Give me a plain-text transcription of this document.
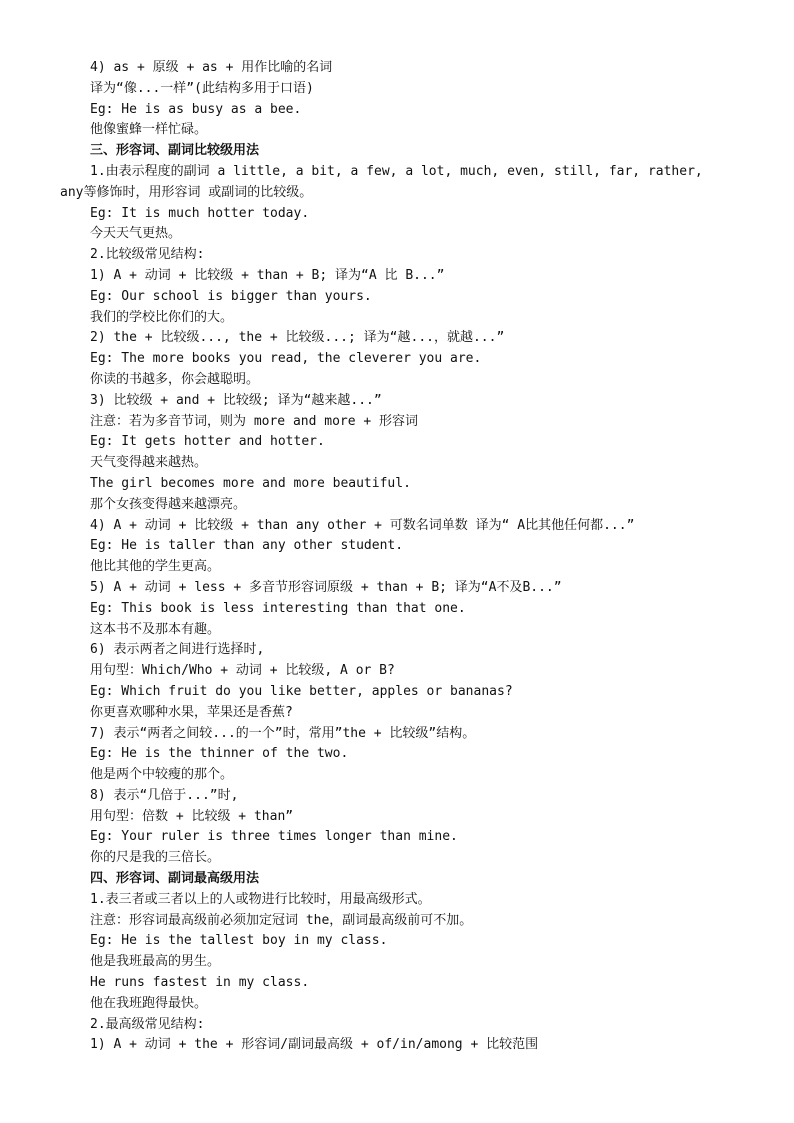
4) as + 原级 + as + 用作比喻的名词
译为“像...一样”(此结构多用于口语)
Eg: He is as busy as a bee.
他像蜜蜂一样忙碌。
三、形容词、副词比较级用法
1.由表示程度的副词 a little, a bit, a few, a lot, much, even, still, far, rather,
any等修饰时，用形容词 或副词的比较级。
Eg: It is much hotter today.
今天天气更热。
2.比较级常见结构:
1) A + 动词 + 比较级 + than + B; 译为“A 比 B...”
Eg: Our school is bigger than yours.
我们的学校比你们的大。
2) the + 比较级..., the + 比较级...; 译为“越...，就越...”
Eg: The more books you read, the cleverer you are.
你读的书越多，你会越聪明。
3) 比较级 + and + 比较级; 译为“越来越...”
注意：若为多音节词，则为 more and more + 形容词
Eg: It gets hotter and hotter.
天气变得越来越热。
The girl becomes more and more beautiful.
那个女孩变得越来越漂亮。
4) A + 动词 + 比较级 + than any other + 可数名词单数 译为“ A比其他任何都...”
Eg: He is taller than any other student.
他比其他的学生更高。
5) A + 动词 + less + 多音节形容词原级 + than + B; 译为“A不及B...”
Eg: This book is less interesting than that one.
这本书不及那本有趣。
6) 表示两者之间进行选择时,
用句型：Which/Who + 动词 + 比较级, A or B?
Eg: Which fruit do you like better, apples or bananas?
你更喜欢哪种水果，苹果还是香蕉?
7) 表示“两者之间较...的一个”时，常用”the + 比较级”结构。
Eg: He is the thinner of the two.
他是两个中较瘦的那个。
8) 表示“几倍于...”时,
用句型：倍数 + 比较级 + than”
Eg: Your ruler is three times longer than mine.
你的尺是我的三倍长。
四、形容词、副词最高级用法
1.表三者或三者以上的人或物进行比较时，用最高级形式。
注意：形容词最高级前必须加定冠词 the，副词最高级前可不加。
Eg: He is the tallest boy in my class.
他是我班最高的男生。
He runs fastest in my class.
他在我班跑得最快。
2.最高级常见结构:
1) A + 动词 + the + 形容词/副词最高级 + of/in/among + 比较范围
